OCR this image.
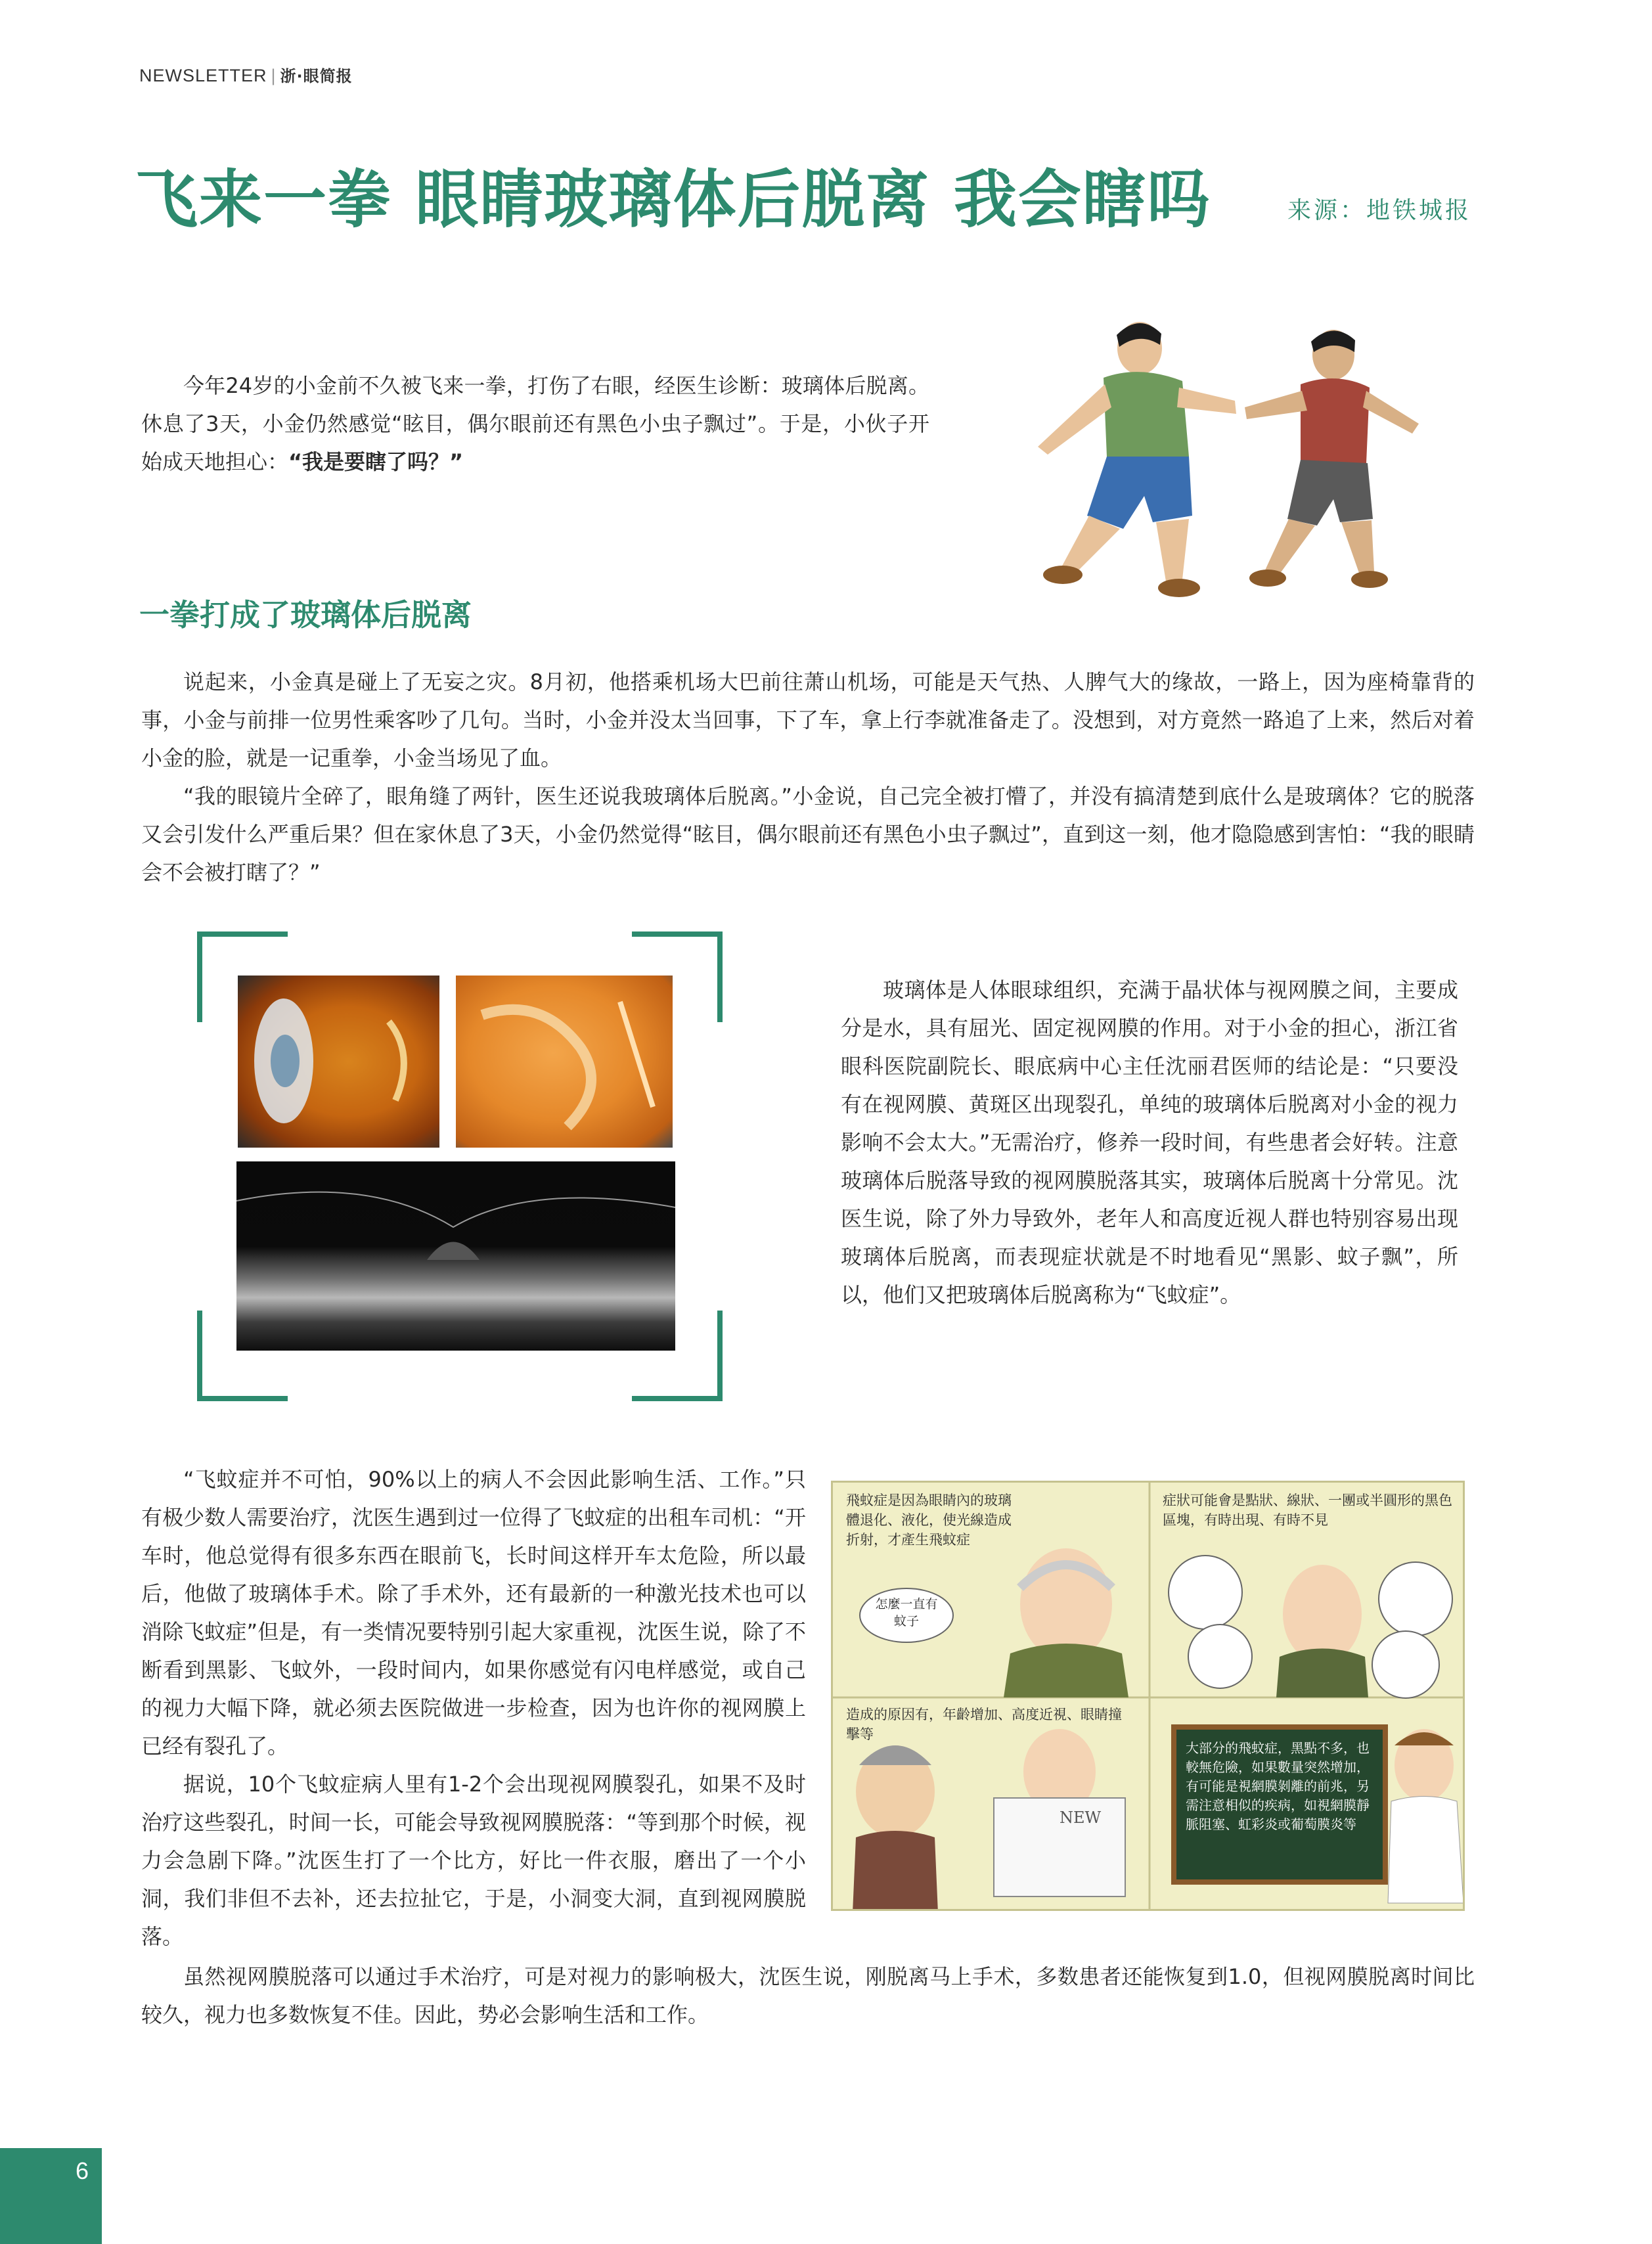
NEWSLETTER | 浙·眼简报
飞来一拳 眼睛玻璃体后脱离 我会瞎吗	来源：地铁城报

今年24岁的小金前不久被飞来一拳，打伤了右眼，经医生诊断：玻璃体后脱离。休息了3天，小金仍然感觉“眩目，偶尔眼前还有黑色小虫子飘过”。于是，小伙子开始成天地担心：“我是要瞎了吗？”

一拳打成了玻璃体后脱离

说起来，小金真是碰上了无妄之灾。8月初，他搭乘机场大巴前往萧山机场，可能是天气热、人脾气大的缘故，一路上，因为座椅靠背的事，小金与前排一位男性乘客吵了几句。当时，小金并没太当回事，下了车，拿上行李就准备走了。没想到，对方竟然一路追了上来，然后对着小金的脸，就是一记重拳，小金当场见了血。

“我的眼镜片全碎了，眼角缝了两针，医生还说我玻璃体后脱离。”小金说，自己完全被打懵了，并没有搞清楚到底什么是玻璃体？它的脱落又会引发什么严重后果？但在家休息了3天，小金仍然觉得“眩目，偶尔眼前还有黑色小虫子飘过”，直到这一刻，他才隐隐感到害怕：“我的眼睛会不会被打瞎了？”

玻璃体是人体眼球组织，充满于晶状体与视网膜之间，主要成分是水，具有屈光、固定视网膜的作用。对于小金的担心，浙江省眼科医院副院长、眼底病中心主任沈丽君医师的结论是：“只要没有在视网膜、黄斑区出现裂孔，单纯的玻璃体后脱离对小金的视力影响不会太大。”无需治疗，修养一段时间，有些患者会好转。注意玻璃体后脱落导致的视网膜脱落其实，玻璃体后脱离十分常见。沈医生说，除了外力导致外，老年人和高度近视人群也特别容易出现玻璃体后脱离，而表现症状就是不时地看见“黑影、蚊子飘”，所以，他们又把玻璃体后脱离称为“飞蚊症”。

“飞蚊症并不可怕，90%以上的病人不会因此影响生活、工作。”只有极少数人需要治疗，沈医生遇到过一位得了飞蚊症的出租车司机：“开车时，他总觉得有很多东西在眼前飞，长时间这样开车太危险，所以最后，他做了玻璃体手术。除了手术外，还有最新的一种激光技术也可以消除飞蚊症”但是，有一类情况要特别引起大家重视，沈医生说，除了不断看到黑影、飞蚊外，一段时间内，如果你感觉有闪电样感觉，或自己的视力大幅下降，就必须去医院做进一步检查，因为也许你的视网膜上已经有裂孔了。

据说，10个飞蚊症病人里有1-2个会出现视网膜裂孔，如果不及时治疗这些裂孔，时间一长，可能会导致视网膜脱落：“等到那个时候，视力会急剧下降。”沈医生打了一个比方，好比一件衣服，磨出了一个小洞，我们非但不去补，还去拉扯它，于是，小洞变大洞，直到视网膜脱落。

飛蚊症是因為眼睛內的玻璃體退化、液化，使光線造成折射，才產生飛蚊症
怎麼一直有蚊子
症狀可能會是點狀、線狀、一團或半圓形的黑色區塊，有時出現、有時不見
造成的原因有，年齡增加、高度近視、眼睛撞擊等
NEW
大部分的飛蚊症，黑點不多，也較無危險，如果數量突然增加，有可能是視網膜剝離的前兆，另需注意相似的疾病，如視網膜靜脈阻塞、虹彩炎或葡萄膜炎等

虽然视网膜脱落可以通过手术治疗，可是对视力的影响极大，沈医生说，刚脱离马上手术，多数患者还能恢复到1.0，但视网膜脱离时间比较久，视力也多数恢复不佳。因此，势必会影响生活和工作。

6
